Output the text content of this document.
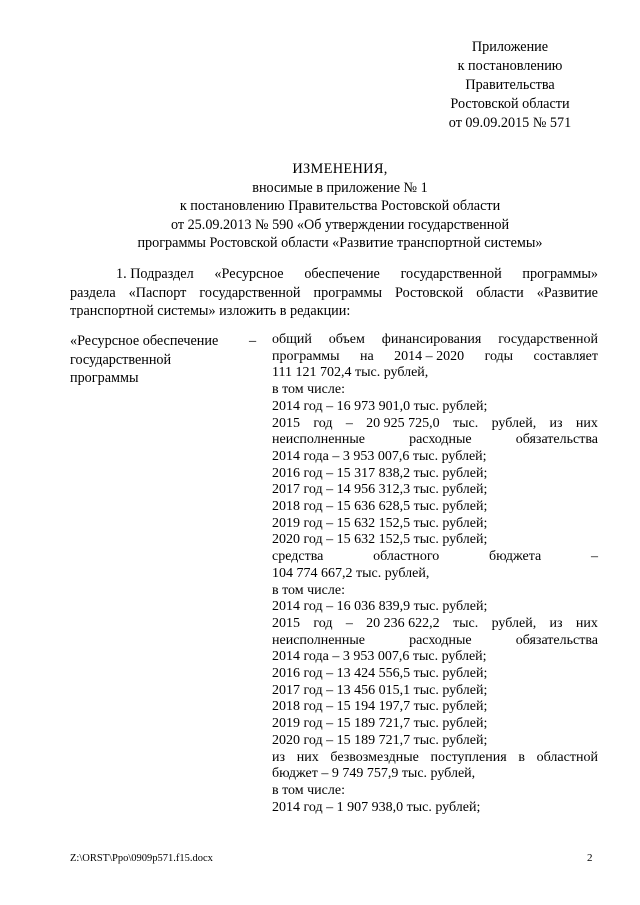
Приложение
к постановлению
Правительства
Ростовской области
от 09.09.2015 № 571
ИЗМЕНЕНИЯ,
вносимые в приложение № 1
к постановлению Правительства Ростовской области
от 25.09.2013 № 590 «Об утверждении государственной
программы Ростовской области «Развитие транспортной системы»
1. Подраздел «Ресурсное обеспечение государственной программы»
раздела «Паспорт государственной программы Ростовской области «Развитие
транспортной системы» изложить в редакции:
«Ресурсное обеспечение
государственной
программы
– общий объем финансирования государственной
программы на 2014 – 2020 годы составляет
111 121 702,4 тыс. рублей,
в том числе:
2014 год – 16 973 901,0 тыс. рублей;
2015 год – 20 925 725,0 тыс. рублей, из них
неисполненные	расходные	обязательства
2014 года – 3 953 007,6 тыс. рублей;
2016 год – 15 317 838,2 тыс. рублей;
2017 год – 14 956 312,3 тыс. рублей;
2018 год – 15 636 628,5 тыс. рублей;
2019 год – 15 632 152,5 тыс. рублей;
2020 год – 15 632 152,5 тыс. рублей;
средства	областного	бюджета	–
104 774 667,2 тыс. рублей,
в том числе:
2014 год – 16 036 839,9 тыс. рублей;
2015 год – 20 236 622,2 тыс. рублей, из них
неисполненные	расходные	обязательства
2014 года – 3 953 007,6 тыс. рублей;
2016 год – 13 424 556,5 тыс. рублей;
2017 год – 13 456 015,1 тыс. рублей;
2018 год – 15 194 197,7 тыс. рублей;
2019 год – 15 189 721,7 тыс. рублей;
2020 год – 15 189 721,7 тыс. рублей;
из них безвозмездные поступления в областной
бюджет – 9 749 757,9 тыс. рублей,
в том числе:
2014 год – 1 907 938,0 тыс. рублей;
Z:\ORST\Ppo\0909p571.f15.docx	2
